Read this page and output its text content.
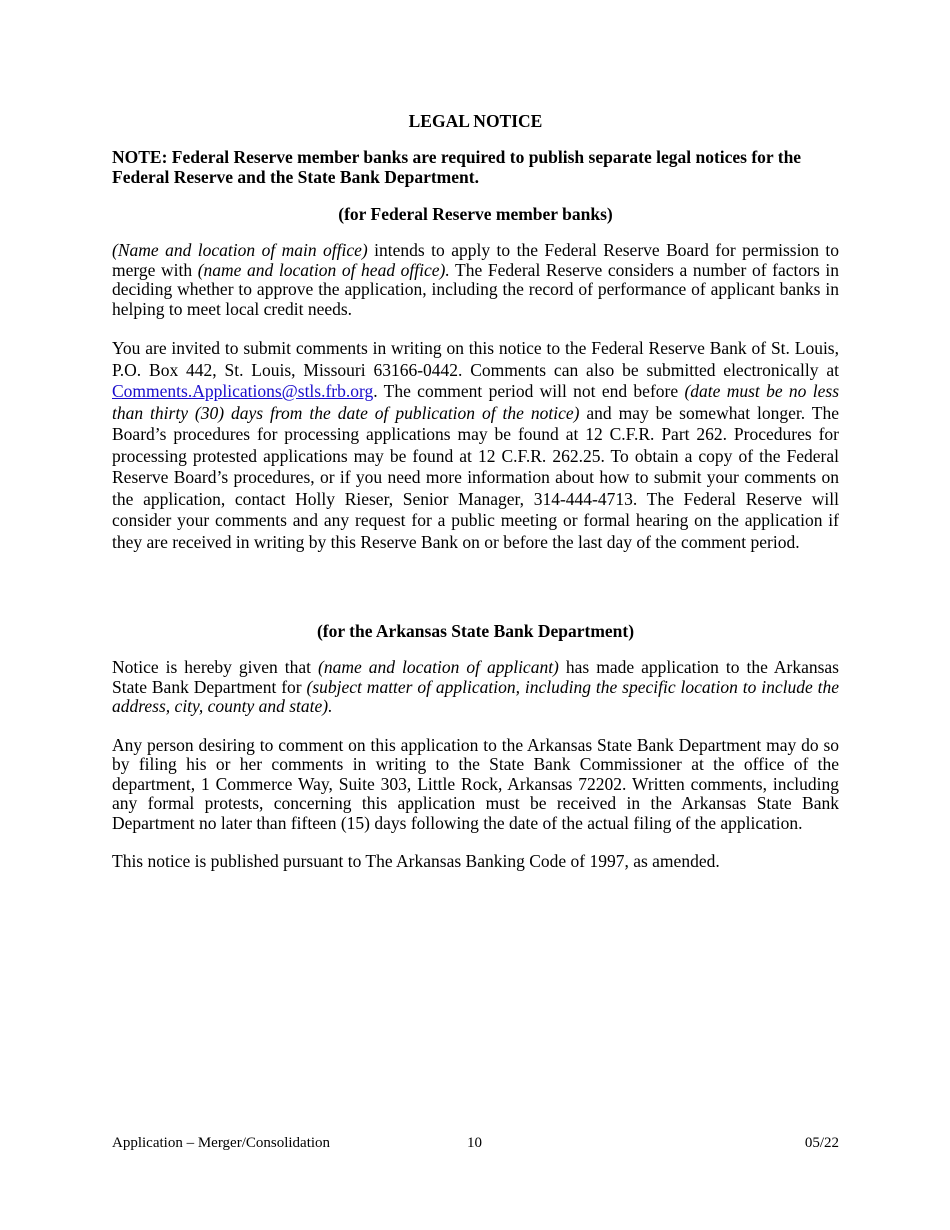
LEGAL NOTICE
NOTE: Federal Reserve member banks are required to publish separate legal notices for the Federal Reserve and the State Bank Department.
(for Federal Reserve member banks)

(Name and location of main office) intends to apply to the Federal Reserve Board for permission to merge with (name and location of head office). The Federal Reserve considers a number of factors in deciding whether to approve the application, including the record of performance of applicant banks in helping to meet local credit needs.

You are invited to submit comments in writing on this notice to the Federal Reserve Bank of St. Louis, P.O. Box 442, St. Louis, Missouri 63166-0442. Comments can also be submitted electronically at Comments.Applications@stls.frb.org. The comment period will not end before (date must be no less than thirty (30) days from the date of publication of the notice) and may be somewhat longer. The Board’s procedures for processing applications may be found at 12 C.F.R. Part 262. Procedures for processing protested applications may be found at 12 C.F.R. 262.25. To obtain a copy of the Federal Reserve Board’s procedures, or if you need more information about how to submit your comments on the application, contact Holly Rieser, Senior Manager, 314-444-4713. The Federal Reserve will consider your comments and any request for a public meeting or formal hearing on the application if they are received in writing by this Reserve Bank on or before the last day of the comment period.

(for the Arkansas State Bank Department)

Notice is hereby given that (name and location of applicant) has made application to the Arkansas State Bank Department for (subject matter of application, including the specific location to include the address, city, county and state).

Any person desiring to comment on this application to the Arkansas State Bank Department may do so by filing his or her comments in writing to the State Bank Commissioner at the office of the department, 1 Commerce Way, Suite 303, Little Rock, Arkansas 72202. Written comments, including any formal protests, concerning this application must be received in the Arkansas State Bank Department no later than fifteen (15) days following the date of the actual filing of the application.

This notice is published pursuant to The Arkansas Banking Code of 1997, as amended.

Application – Merger/Consolidation	10	05/22
